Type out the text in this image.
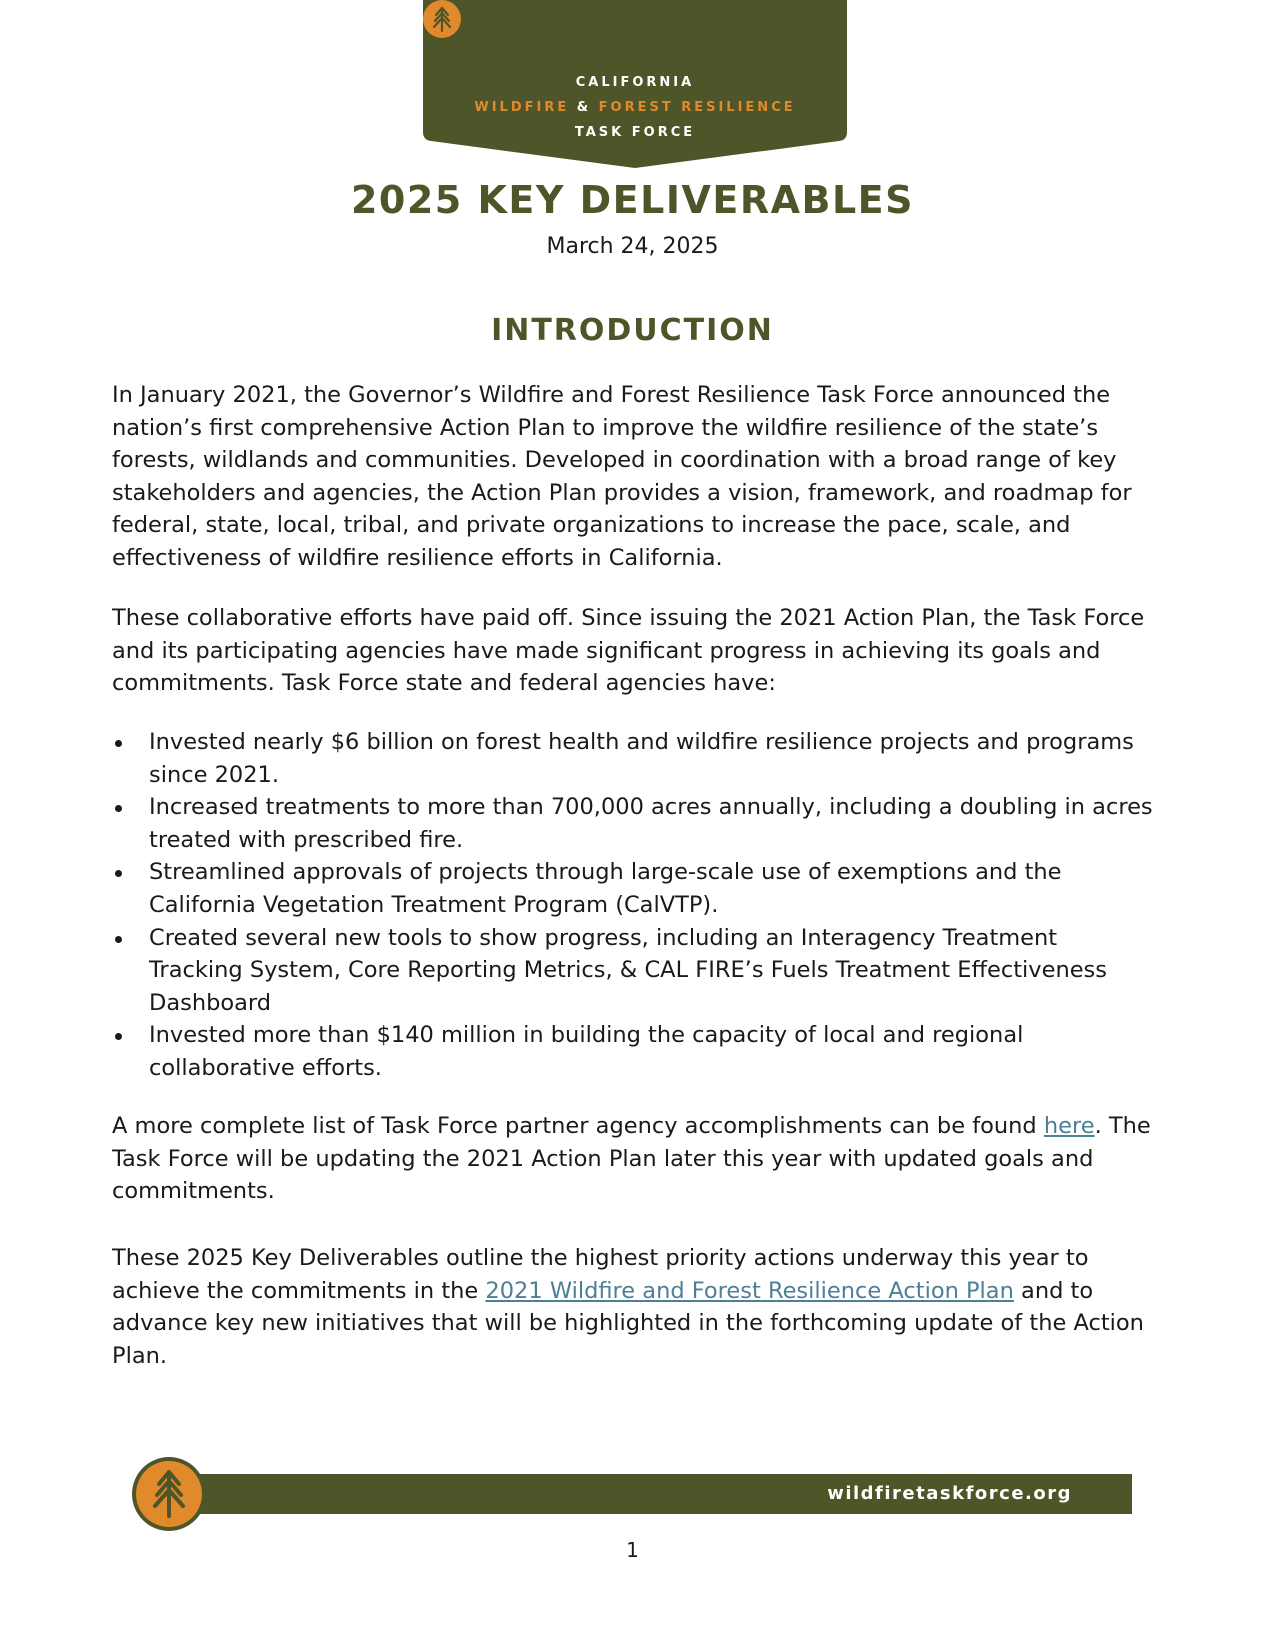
CALIFORNIA
WILDFIRE & FOREST RESILIENCE
TASK FORCE
2025 KEY DELIVERABLES
March 24, 2025
INTRODUCTION

In January 2021, the Governor’s Wildfire and Forest Resilience Task Force announced the nation’s first comprehensive Action Plan to improve the wildfire resilience of the state’s forests, wildlands and communities. Developed in coordination with a broad range of key stakeholders and agencies, the Action Plan provides a vision, framework, and roadmap for federal, state, local, tribal, and private organizations to increase the pace, scale, and effectiveness of wildfire resilience efforts in California.

These collaborative efforts have paid off. Since issuing the 2021 Action Plan, the Task Force and its participating agencies have made significant progress in achieving its goals and commitments. Task Force state and federal agencies have:

Invested nearly $6 billion on forest health and wildfire resilience projects and programs since 2021.
Increased treatments to more than 700,000 acres annually, including a doubling in acres treated with prescribed fire.
Streamlined approvals of projects through large-scale use of exemptions and the California Vegetation Treatment Program (CalVTP).
Created several new tools to show progress, including an Interagency Treatment Tracking System, Core Reporting Metrics, & CAL FIRE’s Fuels Treatment Effectiveness Dashboard
Invested more than $140 million in building the capacity of local and regional collaborative efforts.

A more complete list of Task Force partner agency accomplishments can be found here. The Task Force will be updating the 2021 Action Plan later this year with updated goals and commitments.

These 2025 Key Deliverables outline the highest priority actions underway this year to achieve the commitments in the 2021 Wildfire and Forest Resilience Action Plan and to advance key new initiatives that will be highlighted in the forthcoming update of the Action Plan.

wildfiretaskforce.org
1
